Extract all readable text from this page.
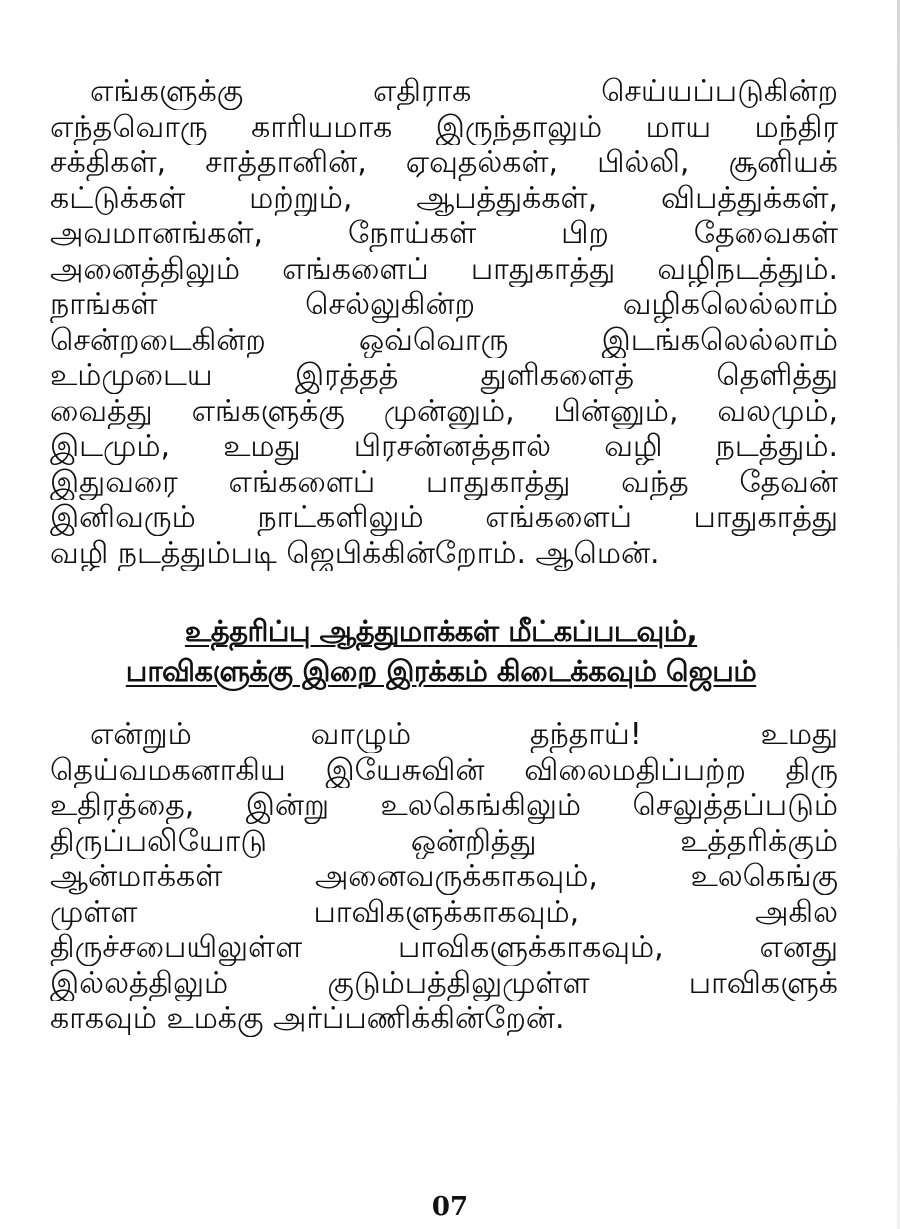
எங்களுக்கு எதிராக செய்யப்படுகின்ற
எந்தவொரு காரியமாக இருந்தாலும் மாய மந்திர
சக்திகள், சாத்தானின், ஏவுதல்கள், பில்லி, சூனியக்
கட்டுக்கள் மற்றும், ஆபத்துக்கள், விபத்துக்கள்,
அவமானங்கள், நோய்கள் பிற தேவைகள்
அனைத்திலும் எங்களைப் பாதுகாத்து வழிநடத்தும்.
நாங்கள் செல்லுகின்ற வழிகலெல்லாம்
சென்றடைகின்ற ஒவ்வொரு இடங்கலெல்லாம்
உம்முடைய இரத்தத் துளிகளைத் தெளித்து
வைத்து எங்களுக்கு முன்னும், பின்னும், வலமும்,
இடமும், உமது பிரசன்னத்தால் வழி நடத்தும்.
இதுவரை எங்களைப் பாதுகாத்து வந்த தேவன்
இனிவரும் நாட்களிலும் எங்களைப் பாதுகாத்து
வழி நடத்தும்படி ஜெபிக்கின்றோம். ஆமென்.
உத்தரிப்பு ஆத்துமாக்கள் மீட்கப்படவும்,
பாவிகளுக்கு இறை இரக்கம் கிடைக்கவும் ஜெபம்
என்றும் வாழும் தந்தாய்! உமது
தெய்வமகனாகிய இயேசுவின் விலைமதிப்பற்ற திரு
உதிரத்தை, இன்று உலகெங்கிலும் செலுத்தப்படும்
திருப்பலியோடு ஒன்றித்து உத்தரிக்கும்
ஆன்மாக்கள் அனைவருக்காகவும், உலகெங்கு
முள்ள பாவிகளுக்காகவும், அகில
திருச்சபையிலுள்ள பாவிகளுக்காகவும், எனது
இல்லத்திலும் குடும்பத்திலுமுள்ள பாவிகளுக்
காகவும் உமக்கு அர்ப்பணிக்கின்றேன்.
07
